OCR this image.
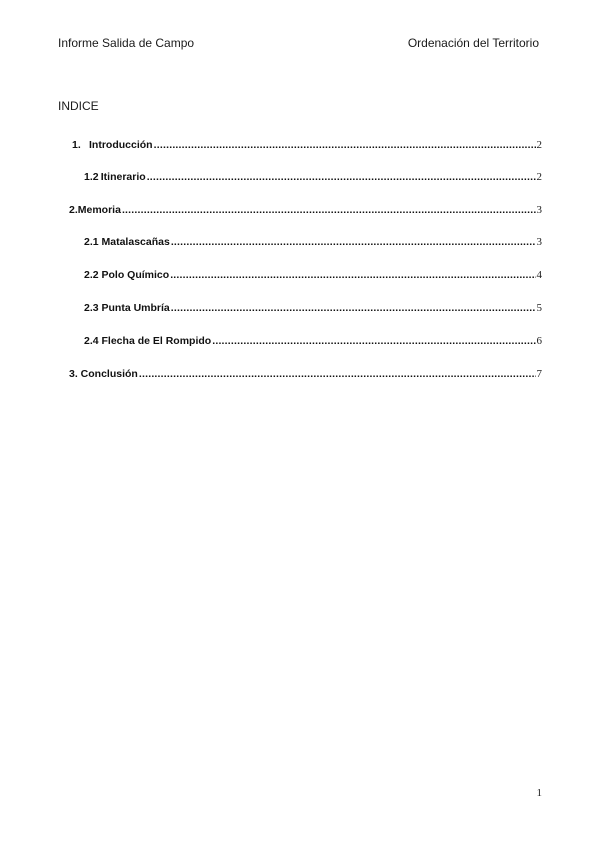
Informe Salida de Campo	Ordenación del Territorio
INDICE
1. Introducción .....	2
1.2 Itinerario .....	2
2.Memoria .....	3
2.1 Matalascañas .....	3
2.2 Polo Químico .....	4
2.3 Punta Umbría .....	5
2.4 Flecha de El Rompido .....	6
3. Conclusión .....	7
1
